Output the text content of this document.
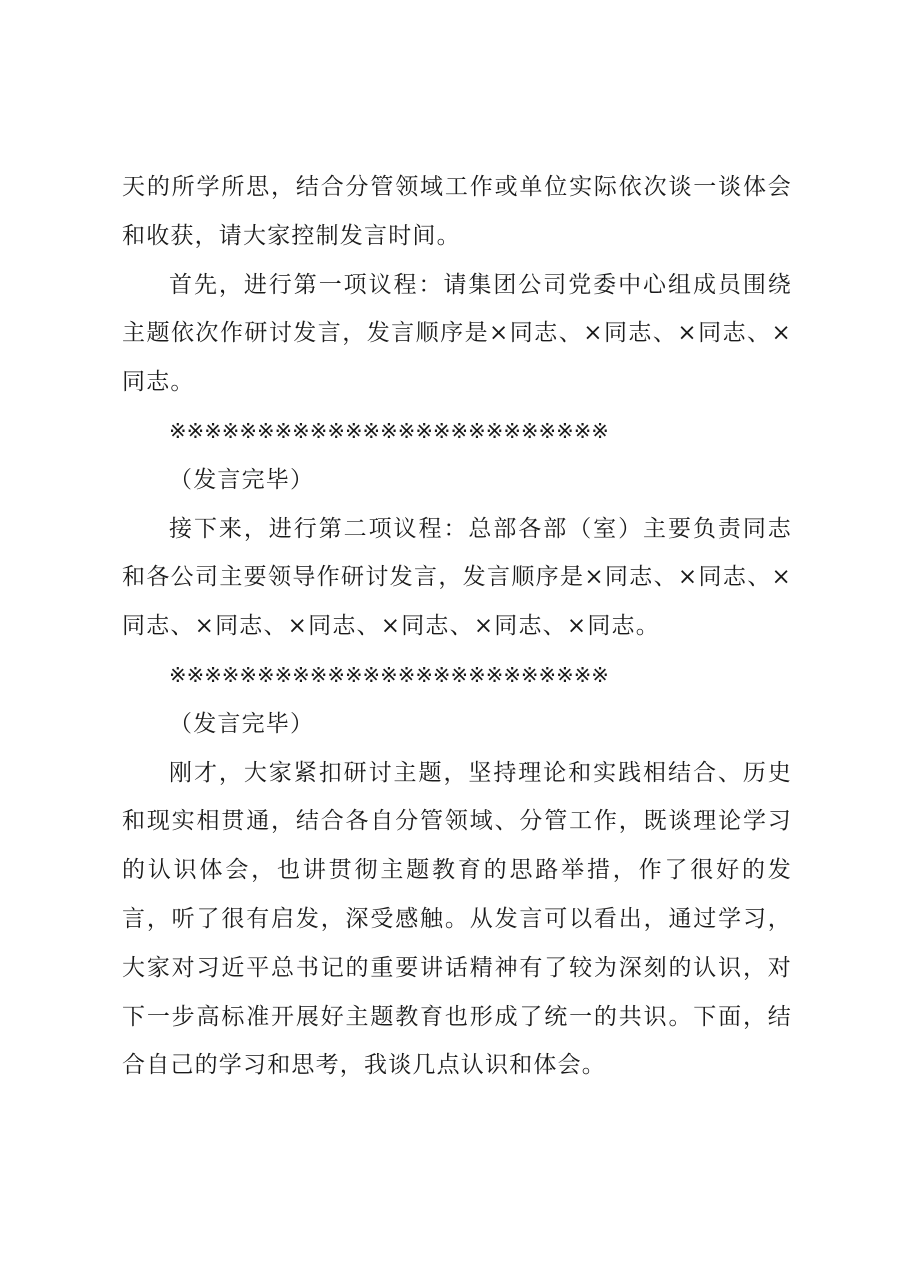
天的所学所思，结合分管领域工作或单位实际依次谈一谈体会和收获，请大家控制发言时间。

首先，进行第一项议程：请集团公司党委中心组成员围绕主题依次作研讨发言，发言顺序是×同志、×同志、×同志、×同志。

※※※※※※※※※※※※※※※※※※※※※※※※※

（发言完毕）

接下来，进行第二项议程：总部各部（室）主要负责同志和各公司主要领导作研讨发言，发言顺序是×同志、×同志、×同志、×同志、×同志、×同志、×同志、×同志。

※※※※※※※※※※※※※※※※※※※※※※※※※

（发言完毕）

刚才，大家紧扣研讨主题，坚持理论和实践相结合、历史和现实相贯通，结合各自分管领域、分管工作，既谈理论学习的认识体会，也讲贯彻主题教育的思路举措，作了很好的发言，听了很有启发，深受感触。从发言可以看出，通过学习，大家对习近平总书记的重要讲话精神有了较为深刻的认识，对下一步高标准开展好主题教育也形成了统一的共识。下面，结合自己的学习和思考，我谈几点认识和体会。
